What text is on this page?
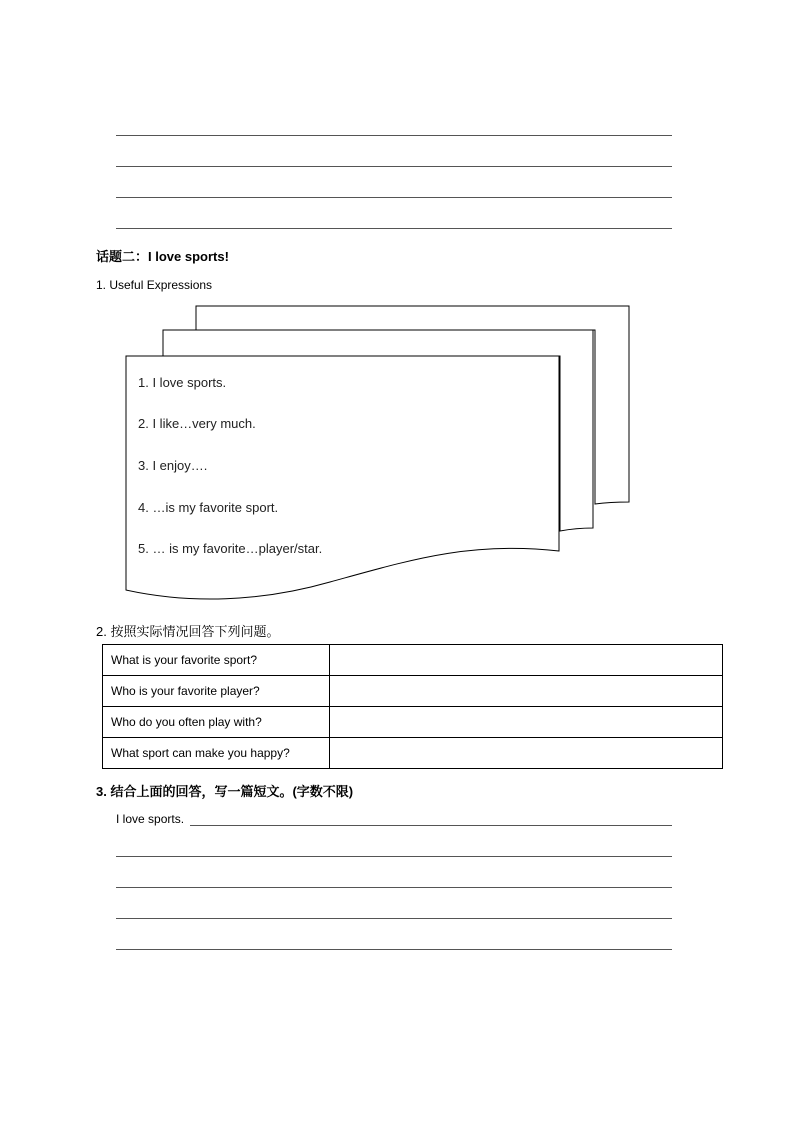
话题二：I love sports!
1. Useful Expressions
1. I love sports.
2. I like…very much.
3. I enjoy….
4. …is my favorite sport.
5. … is my favorite…player/star.
2. 按照实际情况回答下列问题。
What is your favorite sport?	
Who is your favorite player?	
Who do you often play with?	
What sport can make you happy?	
3. 结合上面的回答，写一篇短文。(字数不限)
I love sports.
